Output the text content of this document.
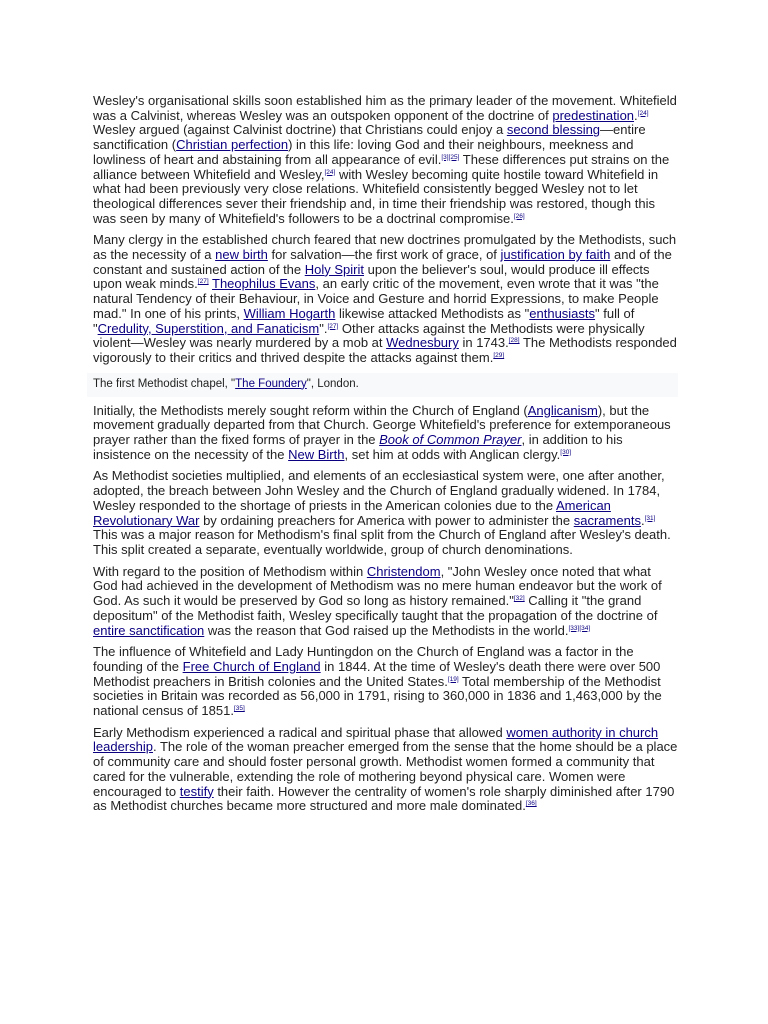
Wesley's organisational skills soon established him as the primary leader of the movement. Whitefield was a Calvinist, whereas Wesley was an outspoken opponent of the doctrine of predestination.[24] Wesley argued (against Calvinist doctrine) that Christians could enjoy a second blessing—entire sanctification (Christian perfection) in this life: loving God and their neighbours, meekness and lowliness of heart and abstaining from all appearance of evil.[3][25] These differences put strains on the alliance between Whitefield and Wesley,[24] with Wesley becoming quite hostile toward Whitefield in what had been previously very close relations. Whitefield consistently begged Wesley not to let theological differences sever their friendship and, in time their friendship was restored, though this was seen by many of Whitefield's followers to be a doctrinal compromise.[26]

Many clergy in the established church feared that new doctrines promulgated by the Methodists, such as the necessity of a new birth for salvation—the first work of grace, of justification by faith and of the constant and sustained action of the Holy Spirit upon the believer's soul, would produce ill effects upon weak minds.[27] Theophilus Evans, an early critic of the movement, even wrote that it was "the natural Tendency of their Behaviour, in Voice and Gesture and horrid Expressions, to make People mad." In one of his prints, William Hogarth likewise attacked Methodists as "enthusiasts" full of "Credulity, Superstition, and Fanaticism".[27] Other attacks against the Methodists were physically violent—Wesley was nearly murdered by a mob at Wednesbury in 1743.[28] The Methodists responded vigorously to their critics and thrived despite the attacks against them.[29]

The first Methodist chapel, "The Foundery", London.

Initially, the Methodists merely sought reform within the Church of England (Anglicanism), but the movement gradually departed from that Church. George Whitefield's preference for extemporaneous prayer rather than the fixed forms of prayer in the Book of Common Prayer, in addition to his insistence on the necessity of the New Birth, set him at odds with Anglican clergy.[30]

As Methodist societies multiplied, and elements of an ecclesiastical system were, one after another, adopted, the breach between John Wesley and the Church of England gradually widened. In 1784, Wesley responded to the shortage of priests in the American colonies due to the American Revolutionary War by ordaining preachers for America with power to administer the sacraments.[31] This was a major reason for Methodism's final split from the Church of England after Wesley's death. This split created a separate, eventually worldwide, group of church denominations.

With regard to the position of Methodism within Christendom, "John Wesley once noted that what God had achieved in the development of Methodism was no mere human endeavor but the work of God. As such it would be preserved by God so long as history remained."[32] Calling it "the grand depositum" of the Methodist faith, Wesley specifically taught that the propagation of the doctrine of entire sanctification was the reason that God raised up the Methodists in the world.[33][34]

The influence of Whitefield and Lady Huntingdon on the Church of England was a factor in the founding of the Free Church of England in 1844. At the time of Wesley's death there were over 500 Methodist preachers in British colonies and the United States.[19] Total membership of the Methodist societies in Britain was recorded as 56,000 in 1791, rising to 360,000 in 1836 and 1,463,000 by the national census of 1851.[35]

Early Methodism experienced a radical and spiritual phase that allowed women authority in church leadership. The role of the woman preacher emerged from the sense that the home should be a place of community care and should foster personal growth. Methodist women formed a community that cared for the vulnerable, extending the role of mothering beyond physical care. Women were encouraged to testify their faith. However the centrality of women's role sharply diminished after 1790 as Methodist churches became more structured and more male dominated.[36]
